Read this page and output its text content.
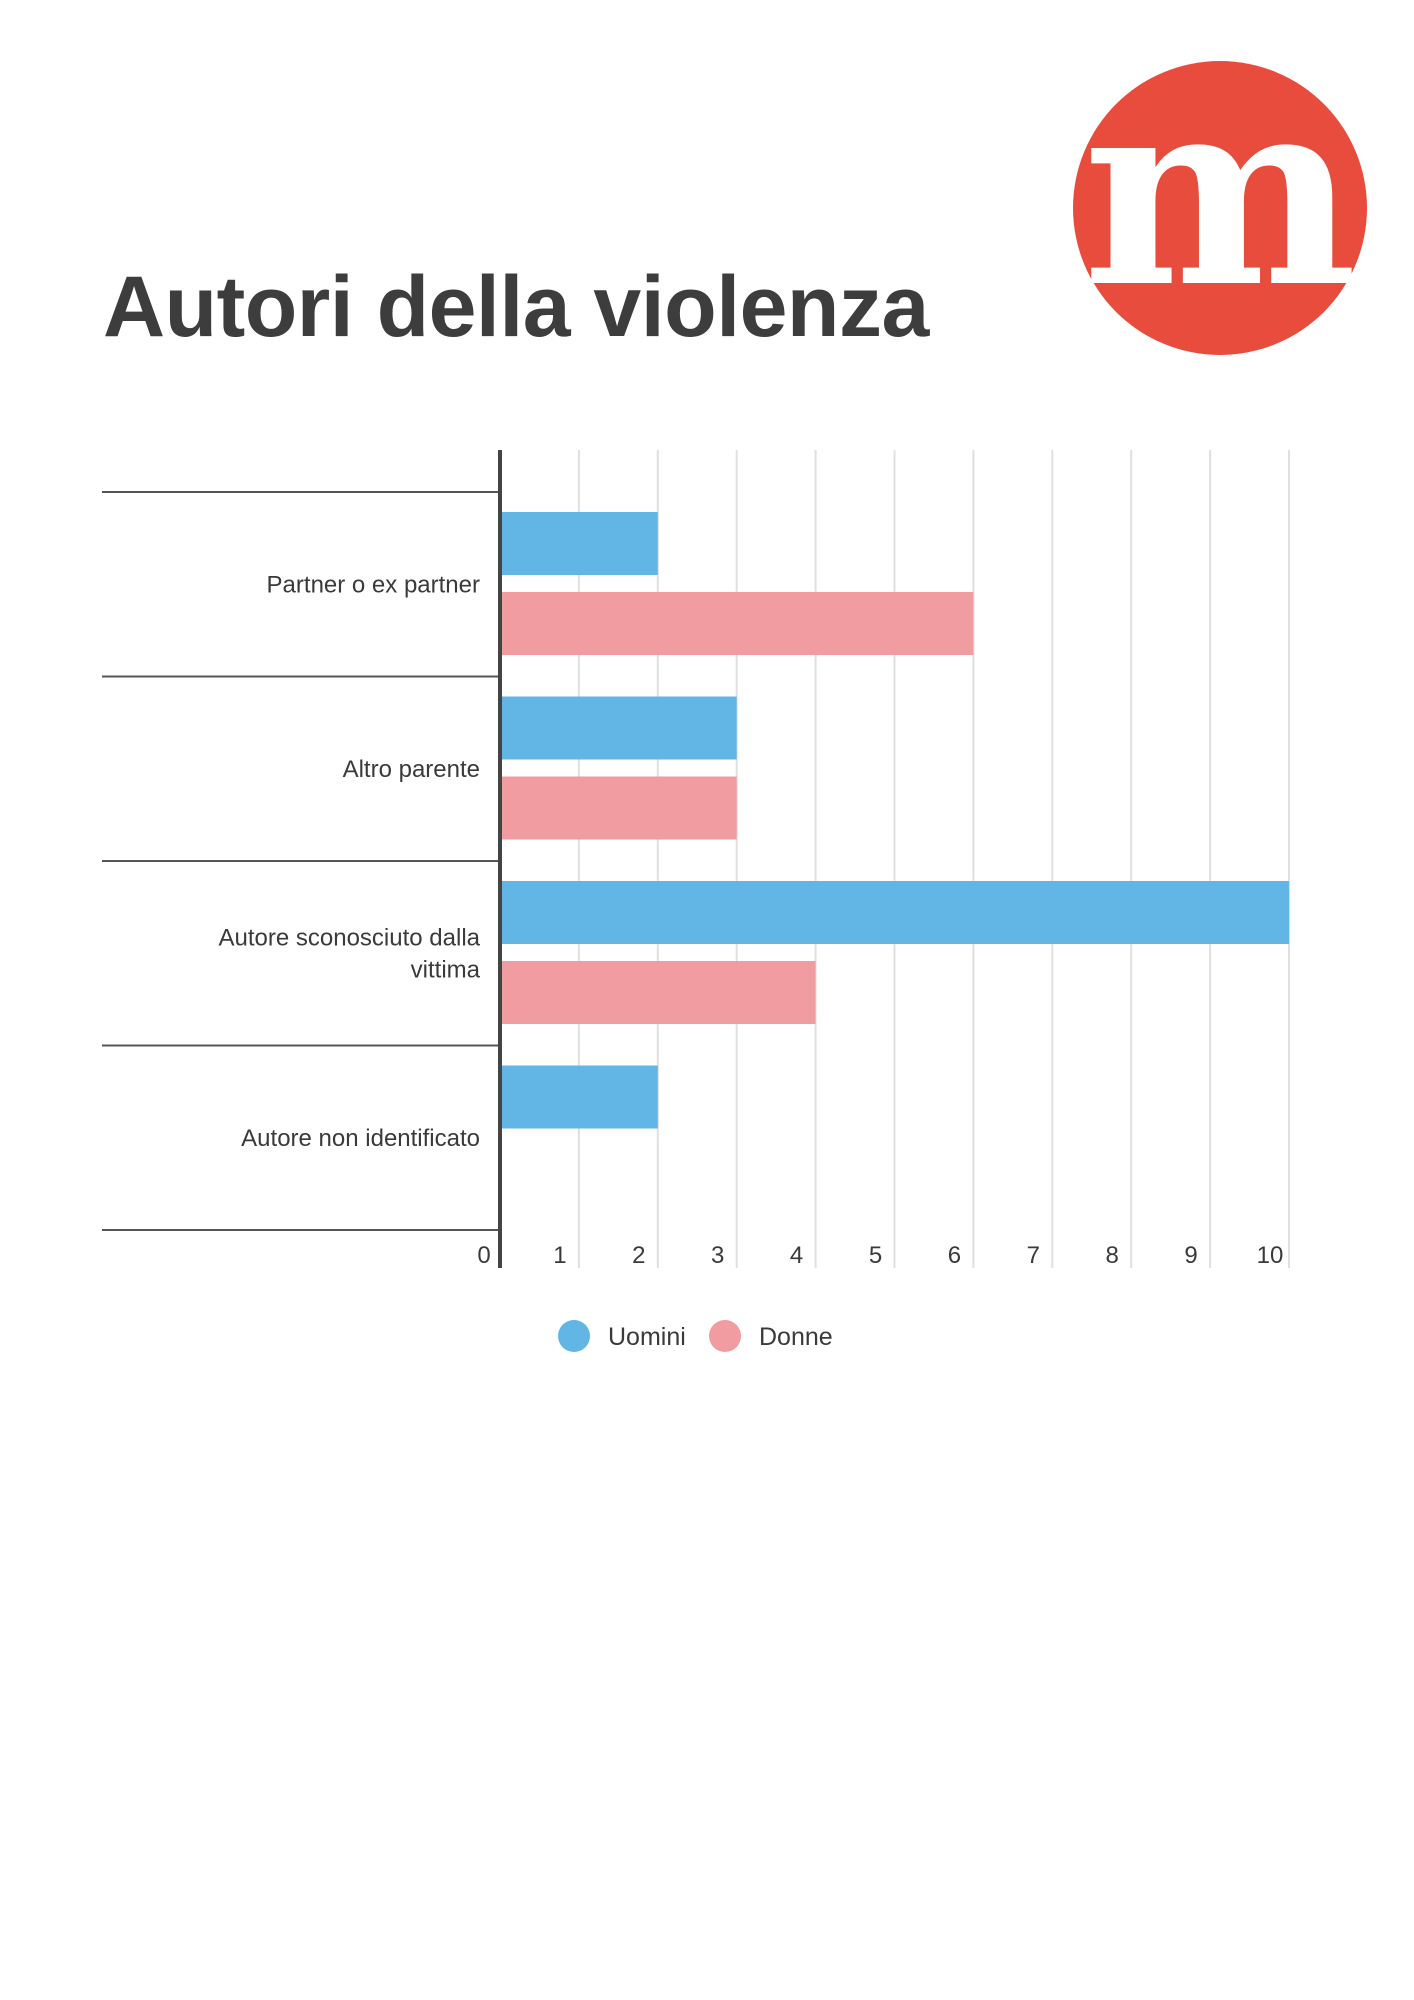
Autori della violenza m
Partner o ex partner
Altro parente
Autore sconosciuto dalla
vittima
Autore non identificato
0	1	2	3	4	5	6	7	8	9 10
Uomini	Donne
